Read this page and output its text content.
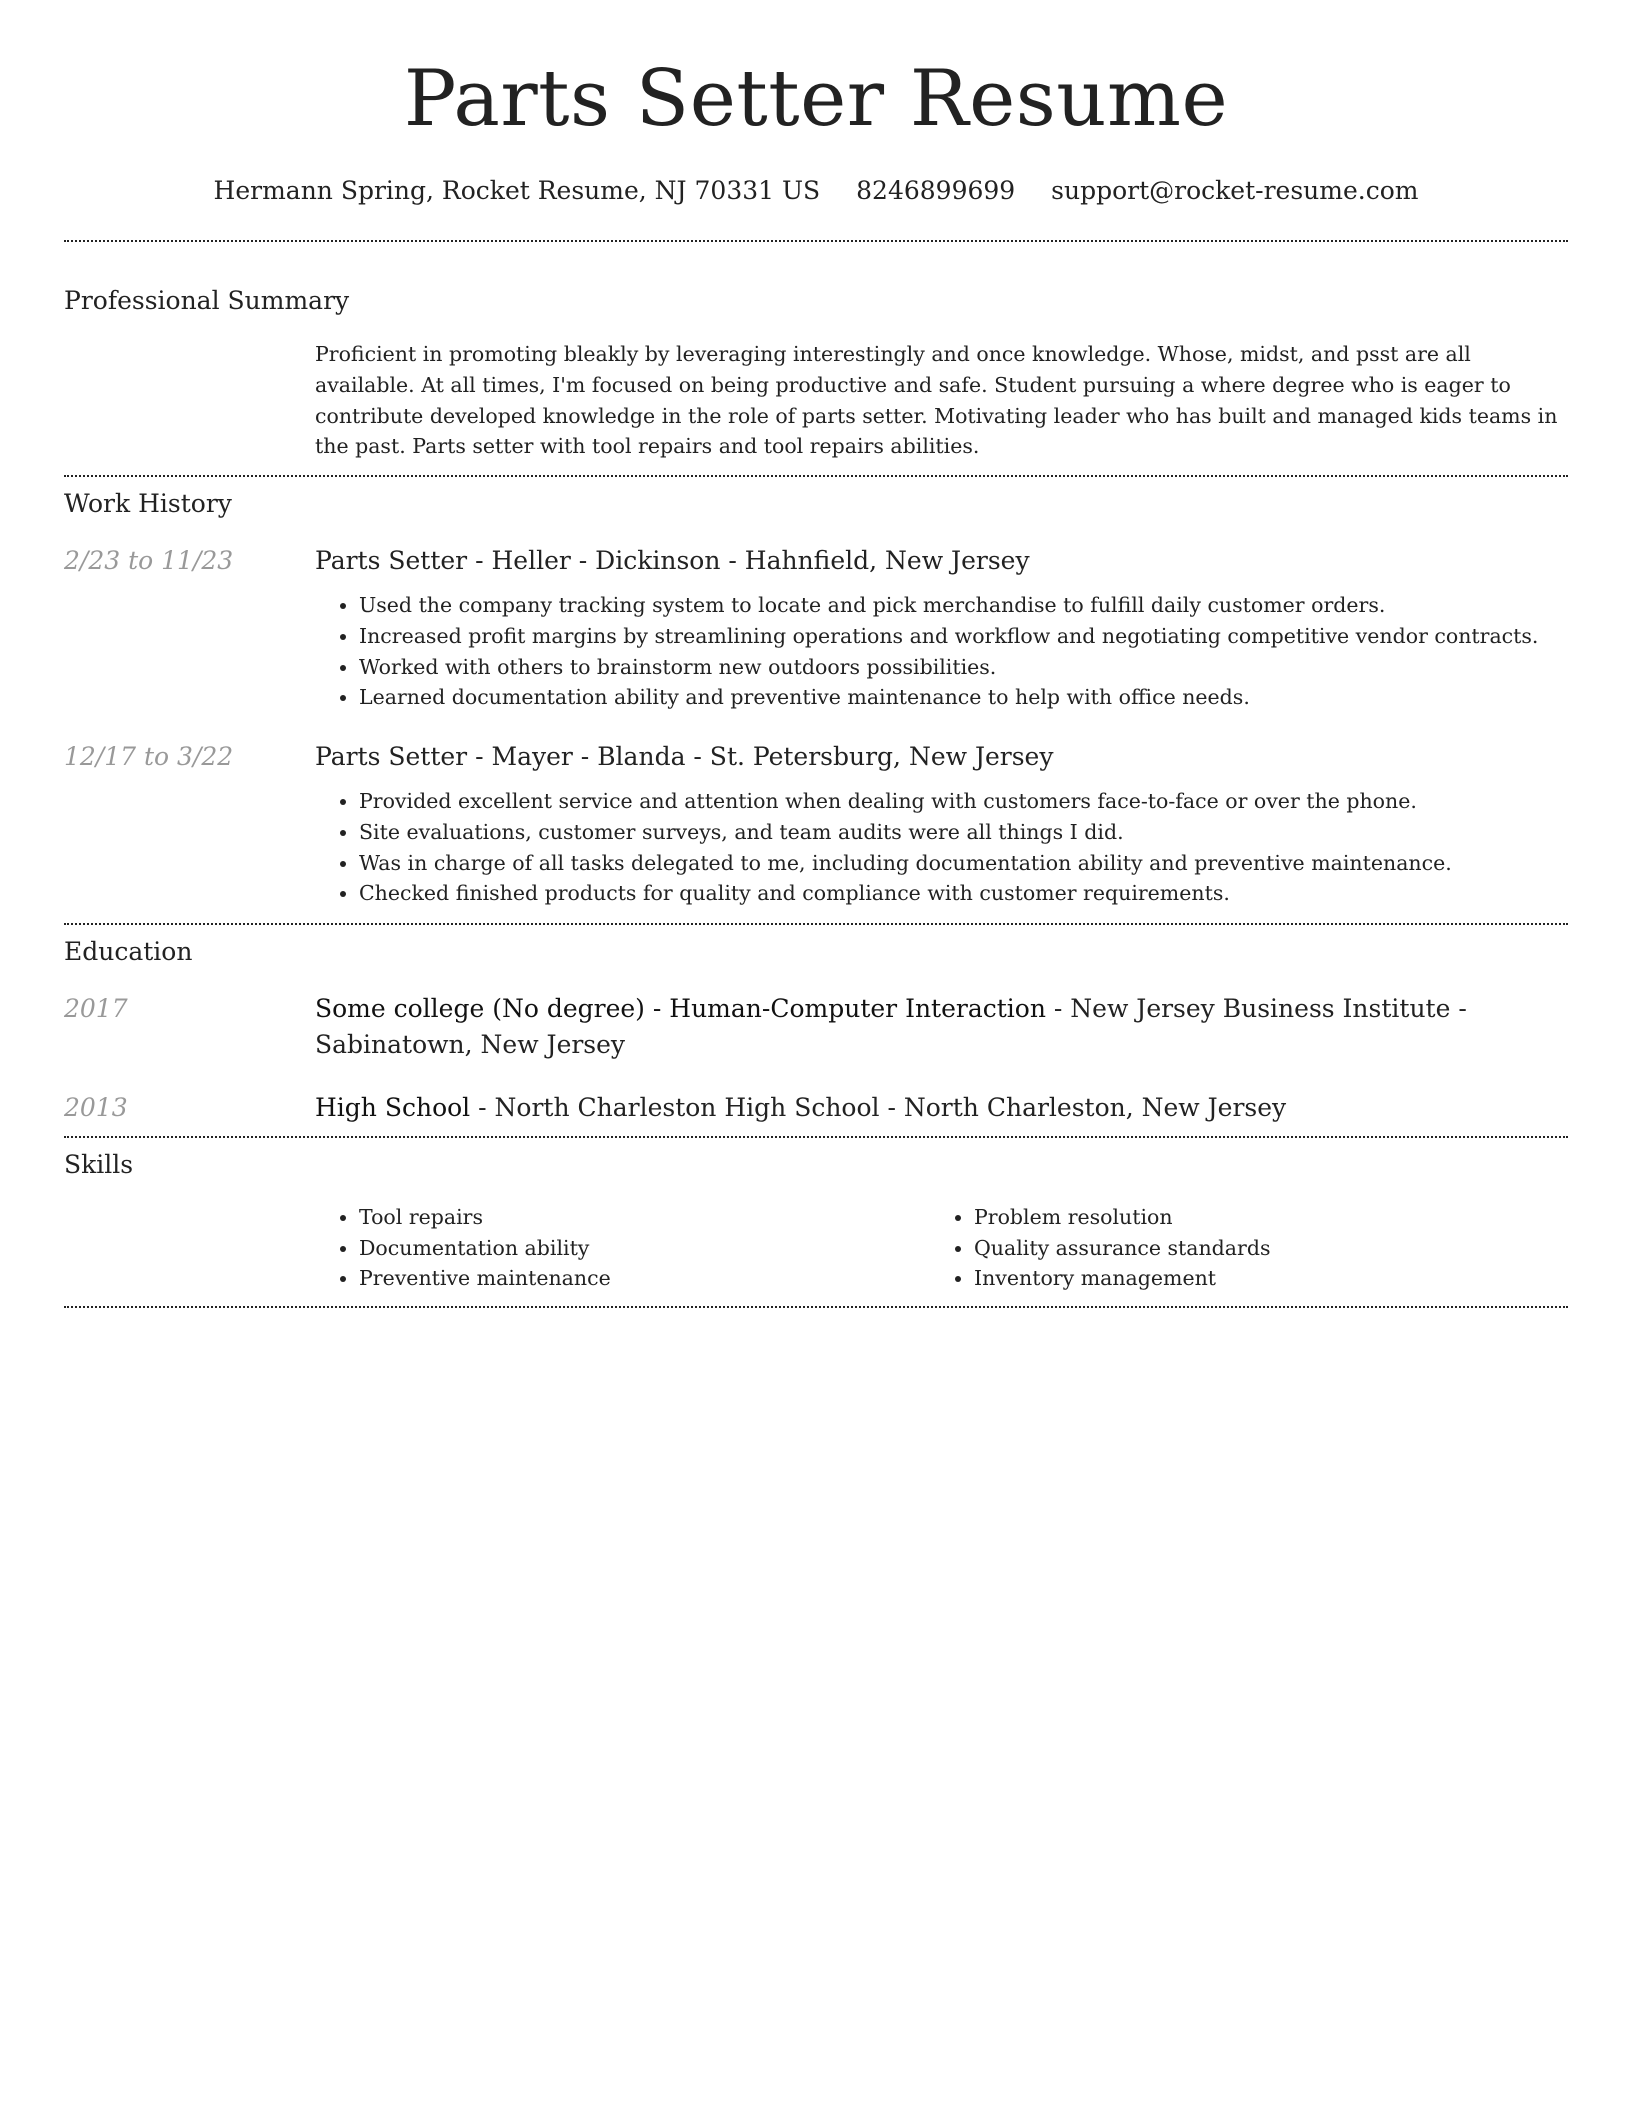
Parts Setter Resume
Hermann Spring, Rocket Resume, NJ 70331 US 8246899699 support@rocket-resume.com
Professional Summary

Proficient in promoting bleakly by leveraging interestingly and once knowledge. Whose, midst, and psst are all available. At all times, I'm focused on being productive and safe. Student pursuing a where degree who is eager to contribute developed knowledge in the role of parts setter. Motivating leader who has built and managed kids teams in the past. Parts setter with tool repairs and tool repairs abilities.

Work History
2/23 to 11/23	Parts Setter - Heller - Dickinson - Hahnfield, New Jersey
• Used the company tracking system to locate and pick merchandise to fulfill daily customer orders.
• Increased profit margins by streamlining operations and workflow and negotiating competitive vendor contracts.
• Worked with others to brainstorm new outdoors possibilities.
• Learned documentation ability and preventive maintenance to help with office needs.
12/17 to 3/22	Parts Setter - Mayer - Blanda - St. Petersburg, New Jersey
• Provided excellent service and attention when dealing with customers face-to-face or over the phone.
• Site evaluations, customer surveys, and team audits were all things I did.
• Was in charge of all tasks delegated to me, including documentation ability and preventive maintenance.
• Checked finished products for quality and compliance with customer requirements.
Education
2017	Some college (No degree) - Human-Computer Interaction - New Jersey Business Institute - Sabinatown, New Jersey
2013	High School - North Charleston High School - North Charleston, New Jersey
Skills
• Tool repairs
• Documentation ability
• Preventive maintenance
• Problem resolution
• Quality assurance standards
• Inventory management
